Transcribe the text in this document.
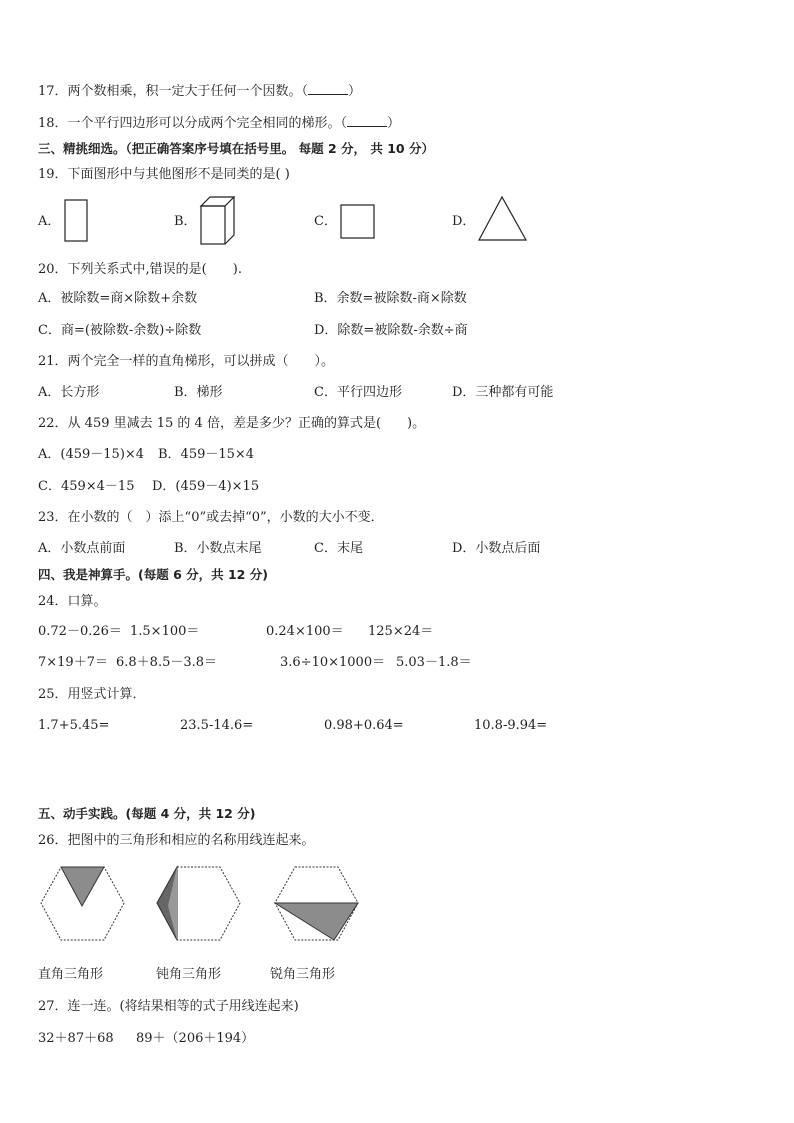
17．两个数相乘，积一定大于任何一个因数。（	）
18．一个平行四边形可以分成两个完全相同的梯形。（	）
三、精挑细选。（把正确答案序号填在括号里。 每题 2 分， 共 10 分）
19．下面图形中与其他图形不是同类的是( )
A．	B．	C．	D．
20．下列关系式中,错误的是(　　).
A．被除数=商×除数+余数	B．余数=被除数-商×除数
C．商=(被除数-余数)÷除数	D．除数=被除数-余数÷商
21．两个完全一样的直角梯形，可以拼成（　　）。
A．长方形	B．梯形	C．平行四边形	D．三种都有可能
22．从 459 里减去 15 的 4 倍，差是多少？正确的算式是(　　)。
A．(459－15)×4 B．459－15×4
C．459×4－15 D．(459－4)×15
23．在小数的（　）添上“0”或去掉“0”，小数的大小不变．
A．小数点前面	B．小数点末尾	C．末尾	D．小数点后面
四、我是神算手。(每题 6 分，共 12 分)
24．口算。
0.72－0.26＝ 1.5×100＝	0.24×100＝ 125×24＝
7×19＋7＝ 6.8＋8.5－3.8＝	3.6÷10×1000＝ 5.03－1.8＝
25．用竖式计算．
1.7+5.45=	23.5-14.6=	0.98+0.64=	10.8-9.94=
五、动手实践。(每题 4 分，共 12 分)
26．把图中的三角形和相应的名称用线连起来。
直角三角形	钝角三角形	锐角三角形
27．连一连。(将结果相等的式子用线连起来)
32＋87＋68 89＋（206＋194）
